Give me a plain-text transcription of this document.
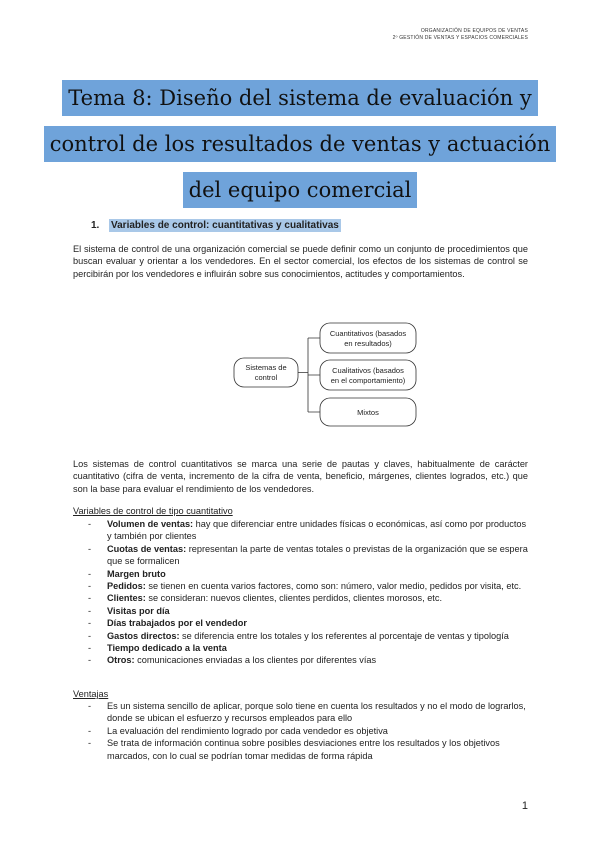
ORGANIZACIÓN DE EQUIPOS DE VENTAS
2º GESTIÓN DE VENTAS Y ESPACIOS COMERCIALES
Tema 8: Diseño del sistema de evaluación y
control de los resultados de ventas y actuación
del equipo comercial
1. Variables de control: cuantitativas y cualitativas
El sistema de control de una organización comercial se puede definir como un conjunto de procedimientos que buscan evaluar y orientar a los vendedores. En el sector comercial, los efectos de los sistemas de control se percibirán por los vendedores e influirán sobre sus conocimientos, actitudes y comportamientos.
Sistemas de control
Cuantitativos (basados
en resultados)
Cualitativos (basados
en el comportamiento)
Mixtos
Los sistemas de control cuantitativos se marca una serie de pautas y claves, habitualmente de carácter cuantitativo (cifra de venta, incremento de la cifra de venta, beneficio, márgenes, clientes logrados, etc.) que son la base para evaluar el rendimiento de los vendedores.
Variables de control de tipo cuantitativo
- Volumen de ventas: hay que diferenciar entre unidades físicas o económicas, así como por productos y también por clientes
- Cuotas de ventas: representan la parte de ventas totales o previstas de la organización que se espera que se formalicen
- Margen bruto
- Pedidos: se tienen en cuenta varios factores, como son: número, valor medio, pedidos por visita, etc.
- Clientes: se consideran: nuevos clientes, clientes perdidos, clientes morosos, etc.
- Visitas por día
- Días trabajados por el vendedor
- Gastos directos: se diferencia entre los totales y los referentes al porcentaje de ventas y tipología
- Tiempo dedicado a la venta
- Otros: comunicaciones enviadas a los clientes por diferentes vías
Ventajas
- Es un sistema sencillo de aplicar, porque solo tiene en cuenta los resultados y no el modo de lograrlos, donde se ubican el esfuerzo y recursos empleados para ello
- La evaluación del rendimiento logrado por cada vendedor es objetiva
- Se trata de información continua sobre posibles desviaciones entre los resultados y los objetivos marcados, con lo cual se podrían tomar medidas de forma rápida
1
